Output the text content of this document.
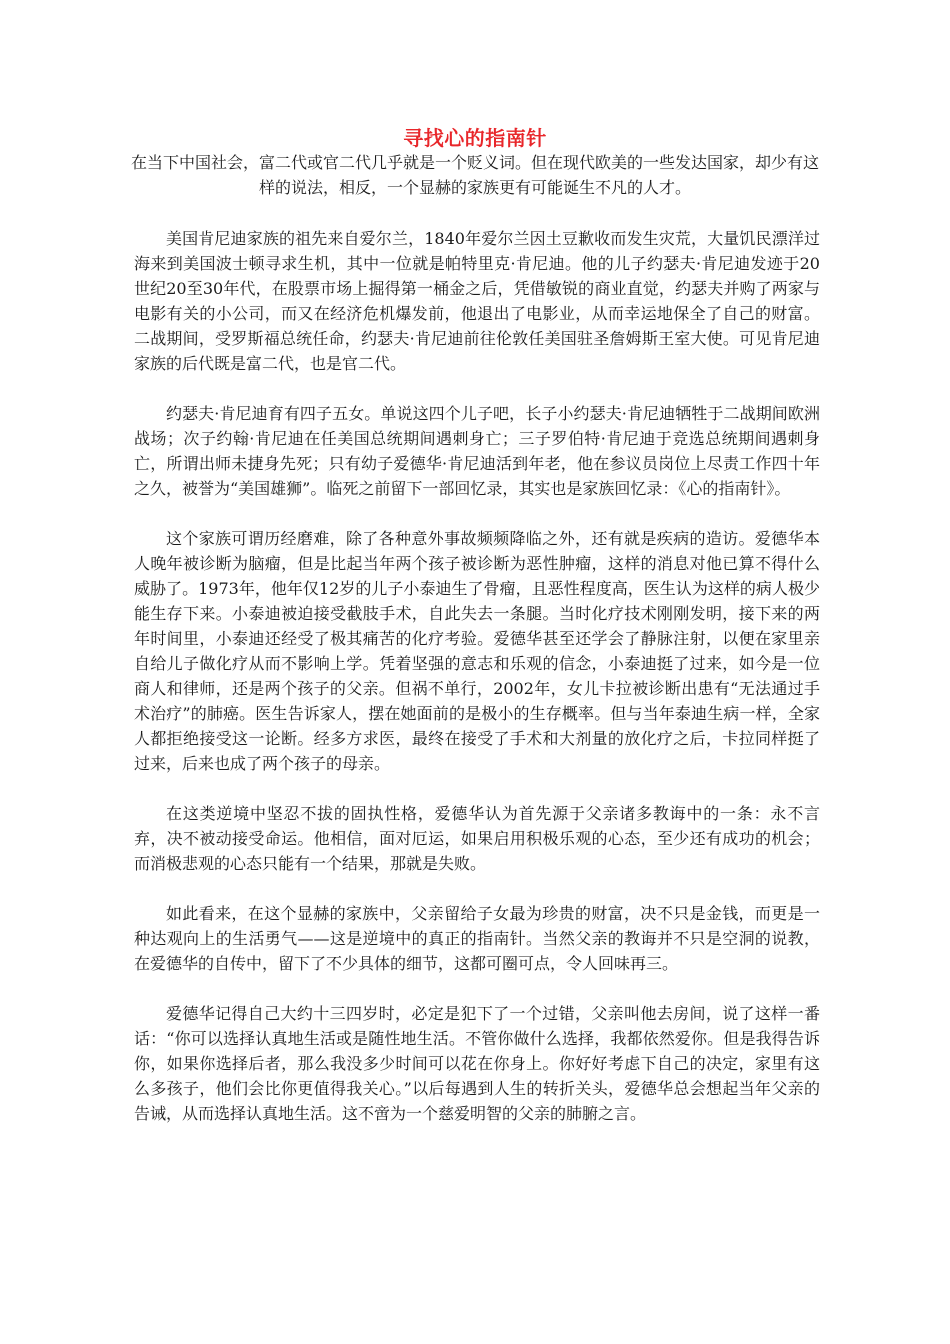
寻找心的指南针
在当下中国社会，富二代或官二代几乎就是一个贬义词。但在现代欧美的一些发达国家，却少有这样的说法，相反，一个显赫的家族更有可能诞生不凡的人才。

美国肯尼迪家族的祖先来自爱尔兰，1840年爱尔兰因土豆歉收而发生灾荒，大量饥民漂洋过海来到美国波士顿寻求生机，其中一位就是帕特里克·肯尼迪。他的儿子约瑟夫·肯尼迪发迹于20世纪20至30年代，在股票市场上掘得第一桶金之后，凭借敏锐的商业直觉，约瑟夫并购了两家与电影有关的小公司，而又在经济危机爆发前，他退出了电影业，从而幸运地保全了自己的财富。二战期间，受罗斯福总统任命，约瑟夫·肯尼迪前往伦敦任美国驻圣詹姆斯王室大使。可见肯尼迪家族的后代既是富二代，也是官二代。

约瑟夫·肯尼迪育有四子五女。单说这四个儿子吧，长子小约瑟夫·肯尼迪牺牲于二战期间欧洲战场；次子约翰·肯尼迪在任美国总统期间遇刺身亡；三子罗伯特·肯尼迪于竞选总统期间遇刺身亡，所谓出师未捷身先死；只有幼子爱德华·肯尼迪活到年老，他在参议员岗位上尽责工作四十年之久，被誉为“美国雄狮”。临死之前留下一部回忆录，其实也是家族回忆录：《心的指南针》。

这个家族可谓历经磨难，除了各种意外事故频频降临之外，还有就是疾病的造访。爱德华本人晚年被诊断为脑瘤，但是比起当年两个孩子被诊断为恶性肿瘤，这样的消息对他已算不得什么威胁了。1973年，他年仅12岁的儿子小泰迪生了骨瘤，且恶性程度高，医生认为这样的病人极少能生存下来。小泰迪被迫接受截肢手术，自此失去一条腿。当时化疗技术刚刚发明，接下来的两年时间里，小泰迪还经受了极其痛苦的化疗考验。爱德华甚至还学会了静脉注射，以便在家里亲自给儿子做化疗从而不影响上学。凭着坚强的意志和乐观的信念，小泰迪挺了过来，如今是一位商人和律师，还是两个孩子的父亲。但祸不单行，2002年，女儿卡拉被诊断出患有“无法通过手术治疗”的肺癌。医生告诉家人，摆在她面前的是极小的生存概率。但与当年泰迪生病一样，全家人都拒绝接受这一论断。经多方求医，最终在接受了手术和大剂量的放化疗之后，卡拉同样挺了过来，后来也成了两个孩子的母亲。

在这类逆境中坚忍不拔的固执性格，爱德华认为首先源于父亲诸多教诲中的一条：永不言弃，决不被动接受命运。他相信，面对厄运，如果启用积极乐观的心态，至少还有成功的机会；而消极悲观的心态只能有一个结果，那就是失败。

如此看来，在这个显赫的家族中，父亲留给子女最为珍贵的财富，决不只是金钱，而更是一种达观向上的生活勇气——这是逆境中的真正的指南针。当然父亲的教诲并不只是空洞的说教，在爱德华的自传中，留下了不少具体的细节，这都可圈可点，令人回味再三。

爱德华记得自己大约十三四岁时，必定是犯下了一个过错，父亲叫他去房间，说了这样一番话：“你可以选择认真地生活或是随性地生活。不管你做什么选择，我都依然爱你。但是我得告诉你，如果你选择后者，那么我没多少时间可以花在你身上。你好好考虑下自己的决定，家里有这么多孩子，他们会比你更值得我关心。”以后每遇到人生的转折关头，爱德华总会想起当年父亲的告诫，从而选择认真地生活。这不啻为一个慈爱明智的父亲的肺腑之言。
